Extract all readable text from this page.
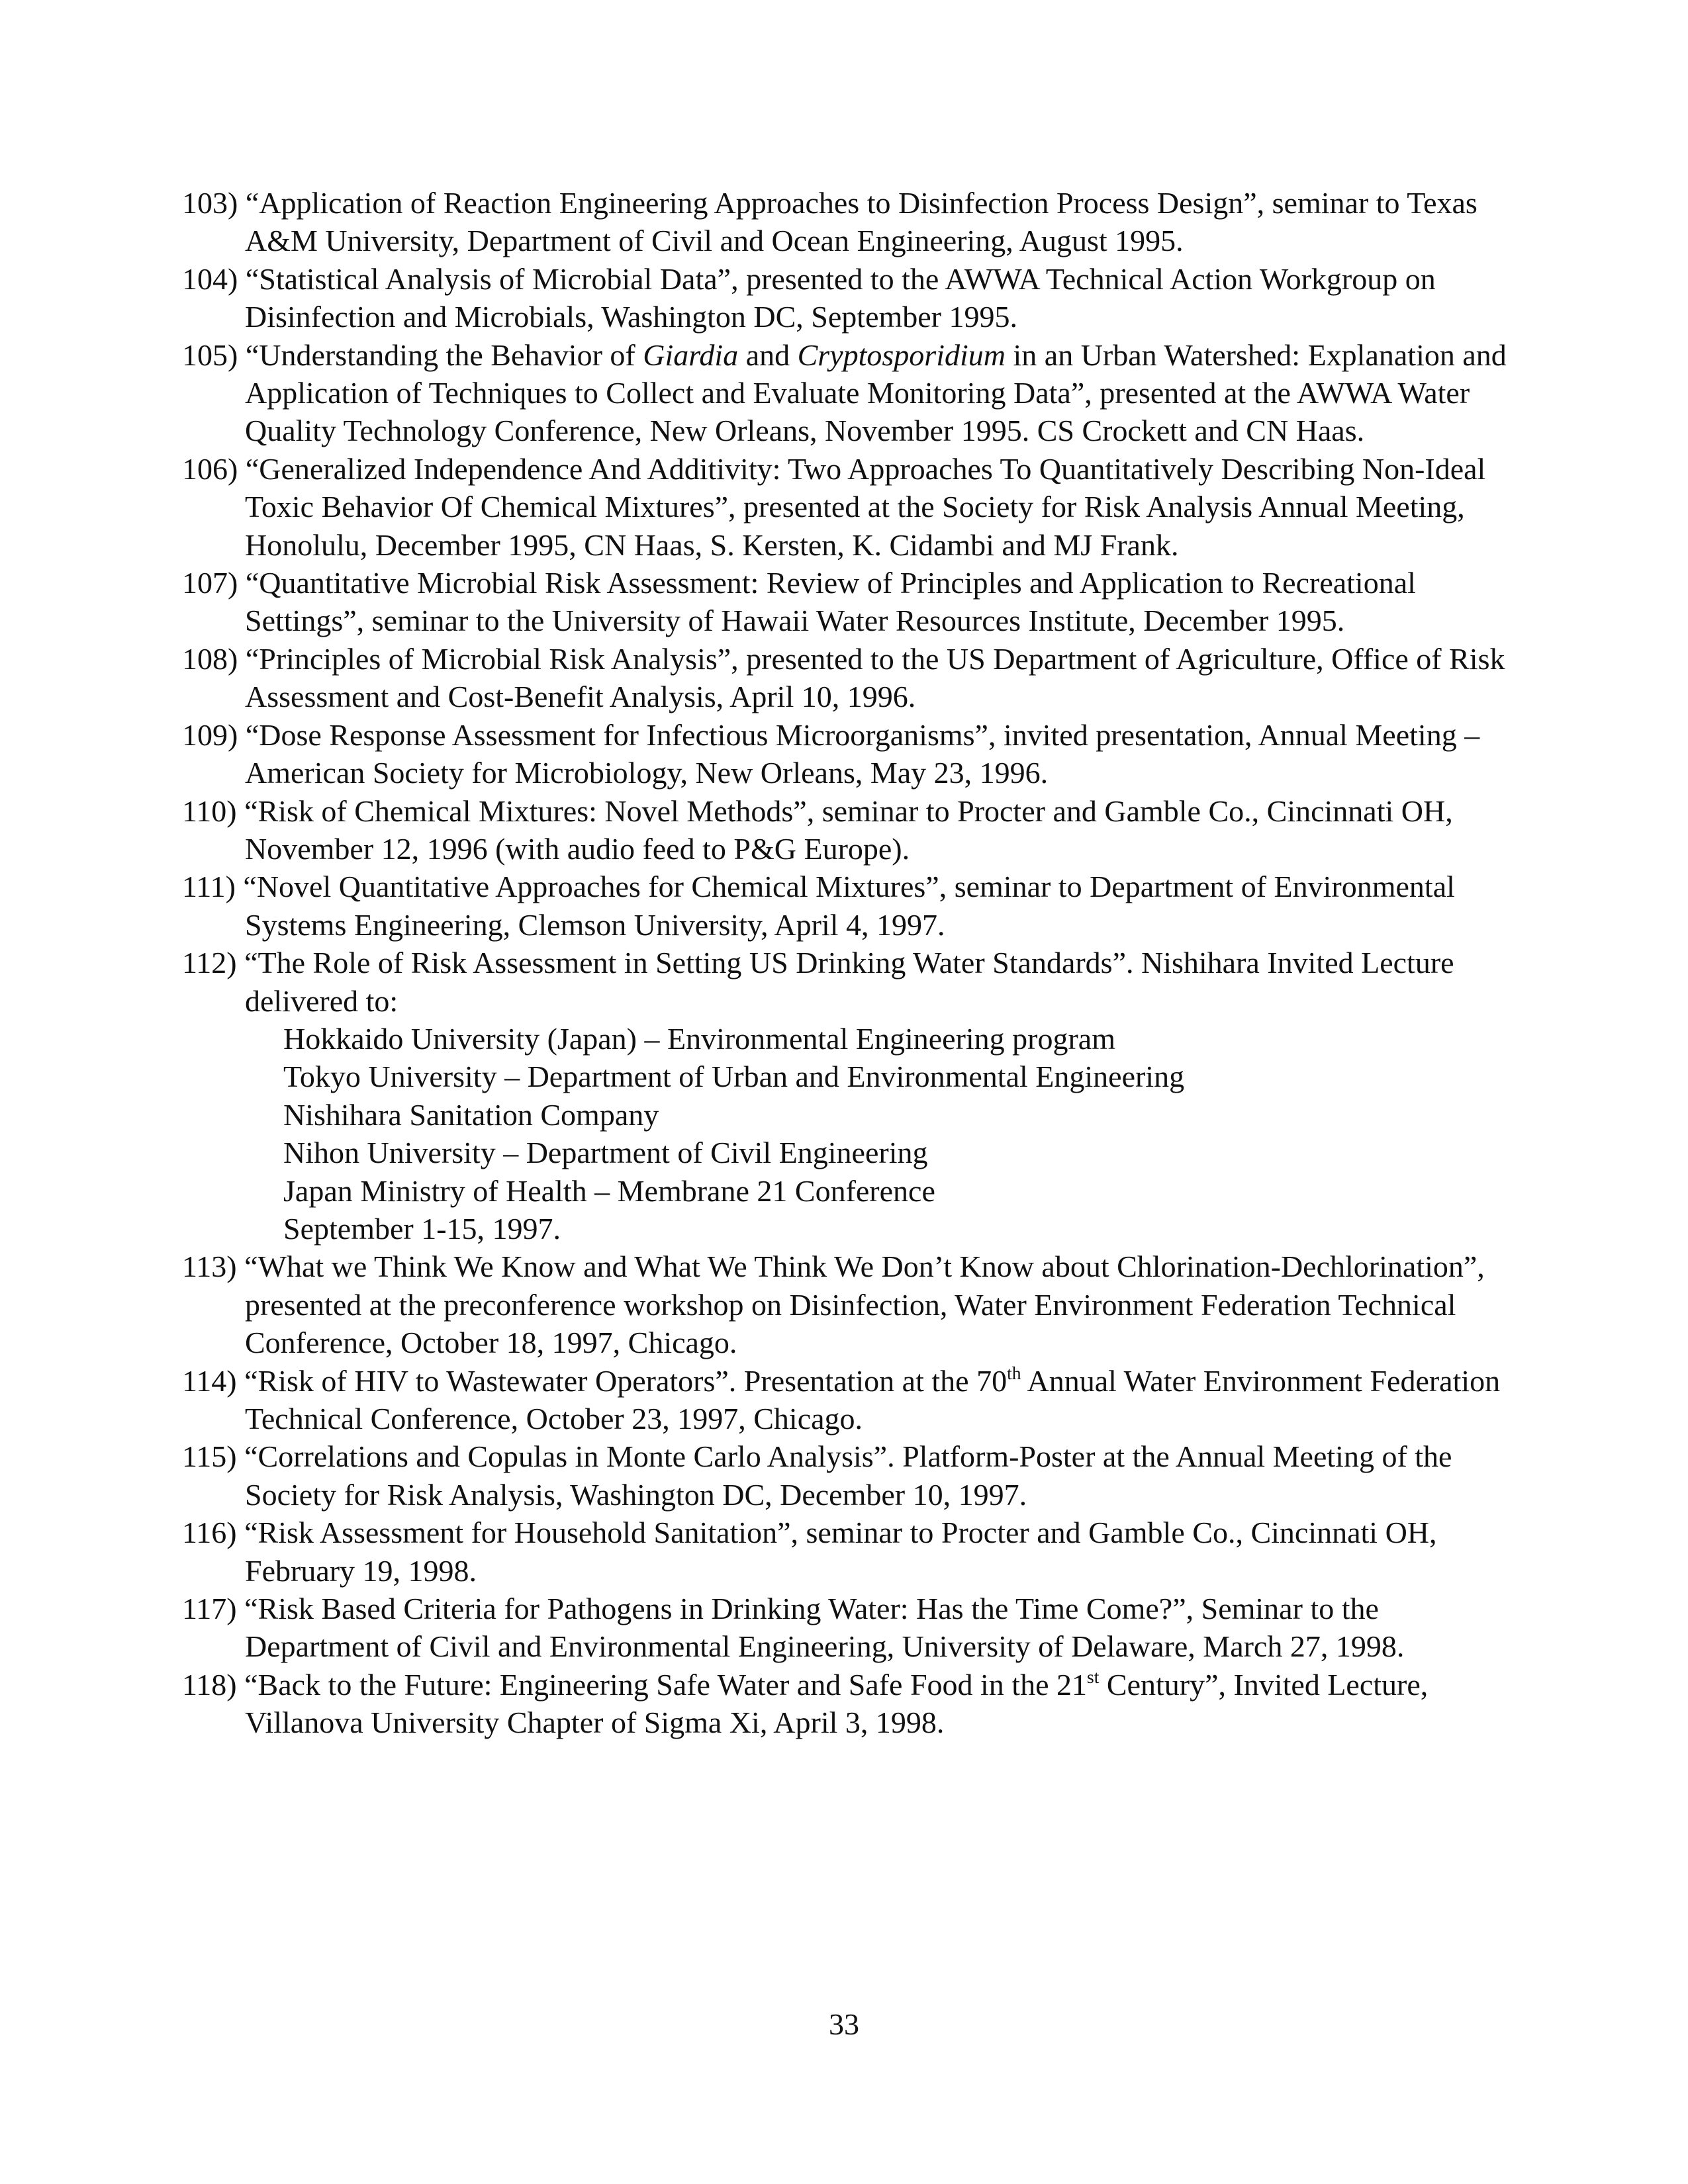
103) “Application of Reaction Engineering Approaches to Disinfection Process Design”, seminar to Texas A&M University, Department of Civil and Ocean Engineering, August 1995.
104) “Statistical Analysis of Microbial Data”, presented to the AWWA Technical Action Workgroup on Disinfection and Microbials, Washington DC, September 1995.
105) “Understanding the Behavior of Giardia and Cryptosporidium in an Urban Watershed: Explanation and Application of Techniques to Collect and Evaluate Monitoring Data”, presented at the AWWA Water Quality Technology Conference, New Orleans, November 1995. CS Crockett and CN Haas.
106) “Generalized Independence And Additivity: Two Approaches To Quantitatively Describing Non-Ideal Toxic Behavior Of Chemical Mixtures”, presented at the Society for Risk Analysis Annual Meeting, Honolulu, December 1995, CN Haas, S. Kersten, K. Cidambi and MJ Frank.
107) “Quantitative Microbial Risk Assessment: Review of Principles and Application to Recreational Settings”, seminar to the University of Hawaii Water Resources Institute, December 1995.
108) “Principles of Microbial Risk Analysis”, presented to the US Department of Agriculture, Office of Risk Assessment and Cost-Benefit Analysis, April 10, 1996.
109) “Dose Response Assessment for Infectious Microorganisms”, invited presentation, Annual Meeting – American Society for Microbiology, New Orleans, May 23, 1996.
110) “Risk of Chemical Mixtures: Novel Methods”, seminar to Procter and Gamble Co., Cincinnati OH, November 12, 1996 (with audio feed to P&G Europe).
111) “Novel Quantitative Approaches for Chemical Mixtures”, seminar to Department of Environmental Systems Engineering, Clemson University, April 4, 1997.
112) “The Role of Risk Assessment in Setting US Drinking Water Standards”. Nishihara Invited Lecture delivered to:
Hokkaido University (Japan) – Environmental Engineering program
Tokyo University – Department of Urban and Environmental Engineering
Nishihara Sanitation Company
Nihon University – Department of Civil Engineering
Japan Ministry of Health – Membrane 21 Conference
September 1-15, 1997.
113) “What we Think We Know and What We Think We Don’t Know about Chlorination-Dechlorination”, presented at the preconference workshop on Disinfection, Water Environment Federation Technical Conference, October 18, 1997, Chicago.
114) “Risk of HIV to Wastewater Operators”. Presentation at the 70th Annual Water Environment Federation Technical Conference, October 23, 1997, Chicago.
115) “Correlations and Copulas in Monte Carlo Analysis”. Platform-Poster at the Annual Meeting of the Society for Risk Analysis, Washington DC, December 10, 1997.
116) “Risk Assessment for Household Sanitation”, seminar to Procter and Gamble Co., Cincinnati OH, February 19, 1998.
117) “Risk Based Criteria for Pathogens in Drinking Water: Has the Time Come?”, Seminar to the Department of Civil and Environmental Engineering, University of Delaware, March 27, 1998.
118) “Back to the Future: Engineering Safe Water and Safe Food in the 21st Century”, Invited Lecture, Villanova University Chapter of Sigma Xi, April 3, 1998.
33
